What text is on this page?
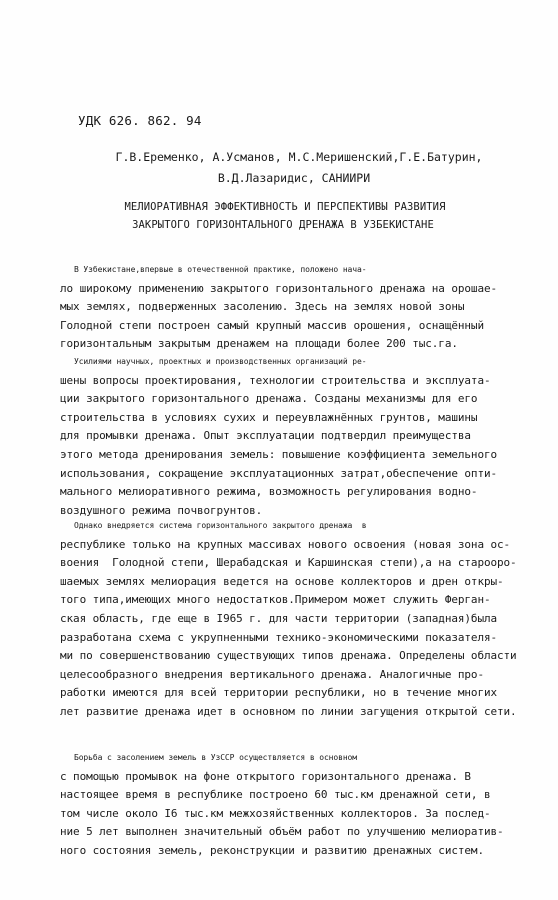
УДК 626. 862. 94
Г.В.Еременко, А.Усманов, М.С.Меришенский,Г.Е.Батурин,
В.Д.Лазаридис, САНИИРИ
МЕЛИОРАТИВНАЯ ЭФФЕКТИВНОСТЬ И ПЕРСПЕКТИВЫ РАЗВИТИЯ
ЗАКРЫТОГО ГОРИЗОНТАЛЬНОГО ДРЕНАЖА В УЗБЕКИСТАНЕ
В Узбекистане,впервые в отечественной практике, положено нача-
ло широкому применению закрытого горизонтального дренажа на орошае-
мых землях, подверженных засолению. Здесь на землях новой зоны
Голодной степи построен самый крупный массив орошения, оснащённый
горизонтальным закрытым дренажем на площади более 200 тыс.га.
Усилиями научных, проектных и производственных организаций ре-
шены вопросы проектирования, технологии строительства и эксплуата-
ции закрытого горизонтального дренажа. Созданы механизмы для его
строительства в условиях сухих и переувлажнённых грунтов, машины
для промывки дренажа. Опыт эксплуатации подтвердил преимущества
этого метода дренирования земель: повышение коэффициента земельного
использования, сокращение эксплуатационных затрат,обеспечение опти-
мального мелиоративного режима, возможность регулирования водно-
воздушного режима почвогрунтов.
Однако внедряется система горизонтального закрытого дренажа  в
республике только на крупных массивах нового освоения (новая зона ос-
воения  Голодной степи, Шерабадская и Каршинская степи),а на староорo-
шаемых землях мелиорация ведется на основе коллекторов и дрен откры-
того типа,имеющих много недостатков.Примером может служить Ферган-
ская область, где еще в I965 г. для части территории (западная)была
разработана схема с укрупненными технико-экономическими показателя-
ми по совершенствованию существующих типов дренажа. Определены области
целесообразного внедрения вертикального дренажа. Аналогичные про-
работки имеются для всей территории республики, но в течение многих
лет развитие дренажа идет в основном по линии загущения открытой сети.
Борьба с засолением земель в УзССР осуществляется в основном
с помощью промывок на фоне открытого горизонтального дренажа. В
настоящее время в республике построено 60 тыс.км дренажной сети, в
том числе около I6 тыс.км межхозяйственных коллекторов. За послед-
ние 5 лет выполнен значительный объём работ по улучшению мелиоратив-
ного состояния земель, реконструкции и развитию дренажных систем.
